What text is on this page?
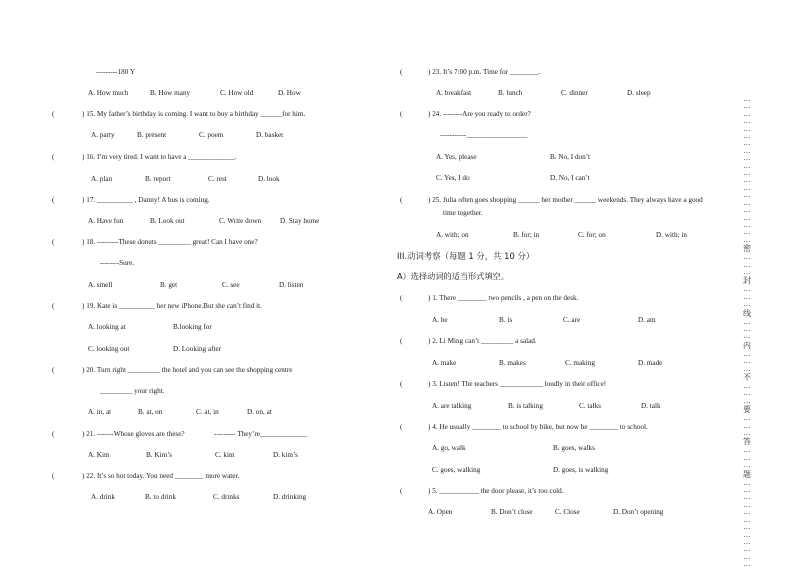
---------180 Y
A. How much	B. How many	C. How old	D. How
(	) 15. My father’s birthday is coming. I want to buy a birthday ______for him.
A. party	B. present	C. poem	D. basket
(	) 16. I’m very tired. I want to have a _____________.
A. plan	B. report	C. rest	D. look
(	) 17. __________ , Danny! A bus is coming.
A. Have fun	B. Look out	C. Write down	D. Stay home
(	) 18. ---------These donuts _________ great! Can I have one?
--------Sure.
A. smell	B. get	C. see	D. listen
(	) 19. Kate is __________ her new iPhone.But she can’t find it.
A. looking at	B.looking for
C. looking out	D. Looking after
(	) 20. Turn right _________ the hotel and you can see the shopping centre
_________ your right.
A. in, at	B. at, on	C. at, in	D. on, at
(	) 21. -------Whose gloves are these?	--------- They’re_____________
A. Kim	B. Kim’s	C. kim	D. kim’s
(	) 22. It’s so hot today. You need ________ more water.
A. drink	B. to drink	C. drinks	D. drinking
(	) 23. It’s 7:00 p.m. Time for ________.
A. breakfast	B. lunch	C. dinner	D. sleep
(	) 24. --------Are you ready to order?
-----------_________________
A. Yes, please	B. No, I don’t
C. Yes, I do	D. No, I can’t
(	) 25. Julia often goes shopping ______ her mother ______ weekends. They always have a good
time together.
A. with; on	B. for; in	C. for; on	D. with; in
III.动词考察（每题 1 分，共 10 分）
A）选择动词的适当形式填空。
(	) 1. There ________ two pencils , a pen on the desk.
A. be	B. is	C. are	D. am
(	) 2. Li Ming can’t _________ a salad.
A. make	B. makes	C. making	D. made
(	) 3. Listen! The teachers ____________ loudly in their office!
A. are talking	B. is talking	C. talks	D. talk
(	) 4. He usually ________ to school by bike, but now he ________ to school.
A. go, walk	B. goes, walks
C. goes, walking	D. goes, is walking
(	) 5. ___________ the door please, it’s too cold.
A. Open	B. Don’t close	C. Close	D. Don’t opening
…
…
…
…
…
…
…
…
…
…
…
…
…
…
…
…
…
…
…
…
密
…
…
…
封
…
…
…
线
…
…
…
内
…
…
…
不
…
…
…
要
…
…
…
答
…
…
…
题
…
…
…
…
…
…
…
…
…
…
…
…
